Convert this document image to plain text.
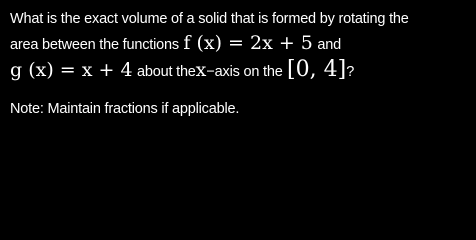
What is the exact volume of a solid that is formed by rotating the
area between the functions f (x) = 2x + 5 and
g (x) = x + 4 about thex−axis on the [0, 4]?
Note: Maintain fractions if applicable.
